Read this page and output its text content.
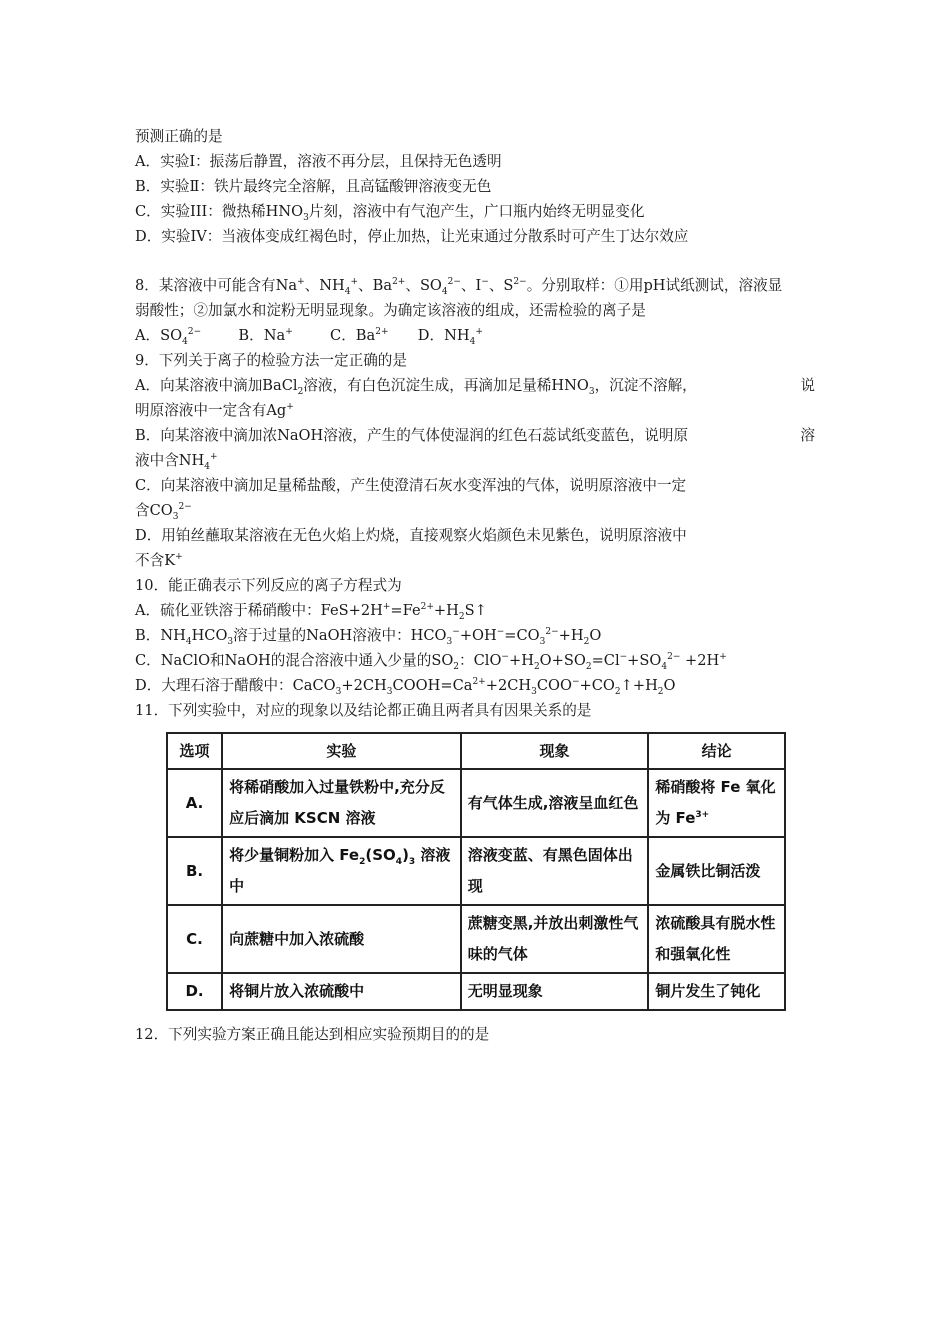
预测正确的是
A．实验Ⅰ：振荡后静置，溶液不再分层，且保持无色透明
B．实验Ⅱ：铁片最终完全溶解，且高锰酸钾溶液变无色
C．实验III：微热稀$HNO_3$片刻，溶液中有气泡产生，广口瓶内始终无明显变化
D．实验IV：当液体变成红褐色时，停止加热，让光束通过分散系时可产生丁达尔效应
8．某溶液中可能含有Na+、$NH_4^+$、$Ba^{2+}$、$SO_4^{2-}$、I−、$S^{2-}$。分别取样：①用pH试纸测试，溶液显
弱酸性；②加氯水和淀粉无明显现象。为确定该溶液的组成，还需检验的离子是
A．$SO_4^{2-}$	B．Na+	C．$Ba^{2+}$ D．$NH_4^+$
9．下列关于离子的检验方法一定正确的是
A．向某溶液中滴加BaCl$_2$溶液，有白色沉淀生成，再滴加足量稀$HNO_3$，沉淀不溶解，	说
明原溶液中一定含有Ag+
B．向某溶液中滴加浓NaOH溶液，产生的气体使湿润的红色石蕊试纸变蓝色，说明原	溶
液中含$NH_4^+$
C．向某溶液中滴加足量稀盐酸，产生使澄清石灰水变浑浊的气体，说明原溶液中一定
含$CO_3^{2-}$
D．用铂丝蘸取某溶液在无色火焰上灼烧，直接观察火焰颜色未见紫色，说明原溶液中
不含K+
10．能正确表示下列反应的离子方程式为
A．硫化亚铁溶于稀硝酸中：$FeS+2H^+=Fe^{2+}+H_2S↑$
B．$NH_4HCO_3$溶于过量的NaOH溶液中：$HCO_3^-+OH^-=CO_3^{2-}+H_2O$
C．NaClO和NaOH的混合溶液中通入少量的$SO_2$：$ClO^-+H_2O+SO_2=Cl^-+SO_4^{2-} +2H^+$
D．大理石溶于醋酸中：$CaCO_3+2CH_3COOH=Ca^{2+}+2CH_3COO^-+CO_2↑+H_2O$
11．下列实验中，对应的现象以及结论都正确且两者具有因果关系的是
选项	实验	现象	结论
A.	将稀硝酸加入过量铁粉中,充分反应后滴加 KSCN 溶液	有气体生成,溶液呈血红色	稀硝酸将 Fe 氧化为 $Fe^{3+}$
B.	将少量铜粉加入 $Fe_2(SO_4)_3$ 溶液中	溶液变蓝、有黑色固体出现	金属铁比铜活泼
C.	向蔗糖中加入浓硫酸	蔗糖变黑,并放出刺激性气味的气体	浓硫酸具有脱水性和强氧化性
D.	将铜片放入浓硫酸中	无明显现象	铜片发生了钝化
12．下列实验方案正确且能达到相应实验预期目的的是
